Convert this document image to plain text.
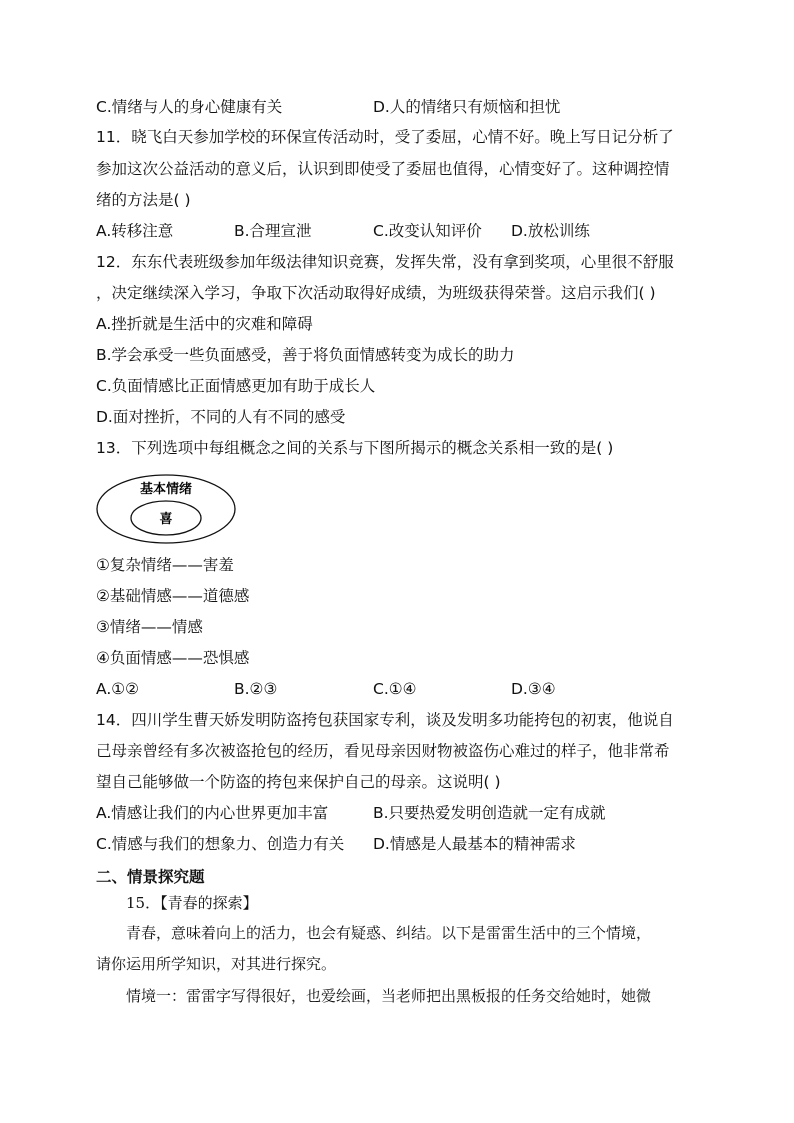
C.情绪与人的身心健康有关	D.人的情绪只有烦恼和担忧
11．晓飞白天参加学校的环保宣传活动时，受了委屈，心情不好。晚上写日记分析了
参加这次公益活动的意义后，认识到即使受了委屈也值得，心情变好了。这种调控情
绪的方法是( )
A.转移注意	B.合理宣泄	C.改变认知评价 D.放松训练
12．东东代表班级参加年级法律知识竞赛，发挥失常，没有拿到奖项，心里很不舒服
，决定继续深入学习，争取下次活动取得好成绩，为班级获得荣誉。这启示我们( )
A.挫折就是生活中的灾难和障碍
B.学会承受一些负面感受，善于将负面情感转变为成长的助力
C.负面情感比正面情感更加有助于成长人
D.面对挫折，不同的人有不同的感受
13．下列选项中每组概念之间的关系与下图所揭示的概念关系相一致的是( )
基本情绪
喜
①复杂情绪——害羞
②基础情感——道德感
③情绪——情感
④负面情感——恐惧感
A.①②	B.②③	C.①④	D.③④
14．四川学生曹天娇发明防盗挎包获国家专利，谈及发明多功能挎包的初衷，他说自
己母亲曾经有多次被盗抢包的经历，看见母亲因财物被盗伤心难过的样子，他非常希
望自己能够做一个防盗的挎包来保护自己的母亲。这说明( )
A.情感让我们的内心世界更加丰富	B.只要热爱发明创造就一定有成就
C.情感与我们的想象力、创造力有关 D.情感是人最基本的精神需求
二、情景探究题
15．【青春的探索】
青春，意味着向上的活力，也会有疑惑、纠结。以下是雷雷生活中的三个情境，
请你运用所学知识，对其进行探究。
情境一：雷雷字写得很好，也爱绘画，当老师把出黑板报的任务交给她时，她微
